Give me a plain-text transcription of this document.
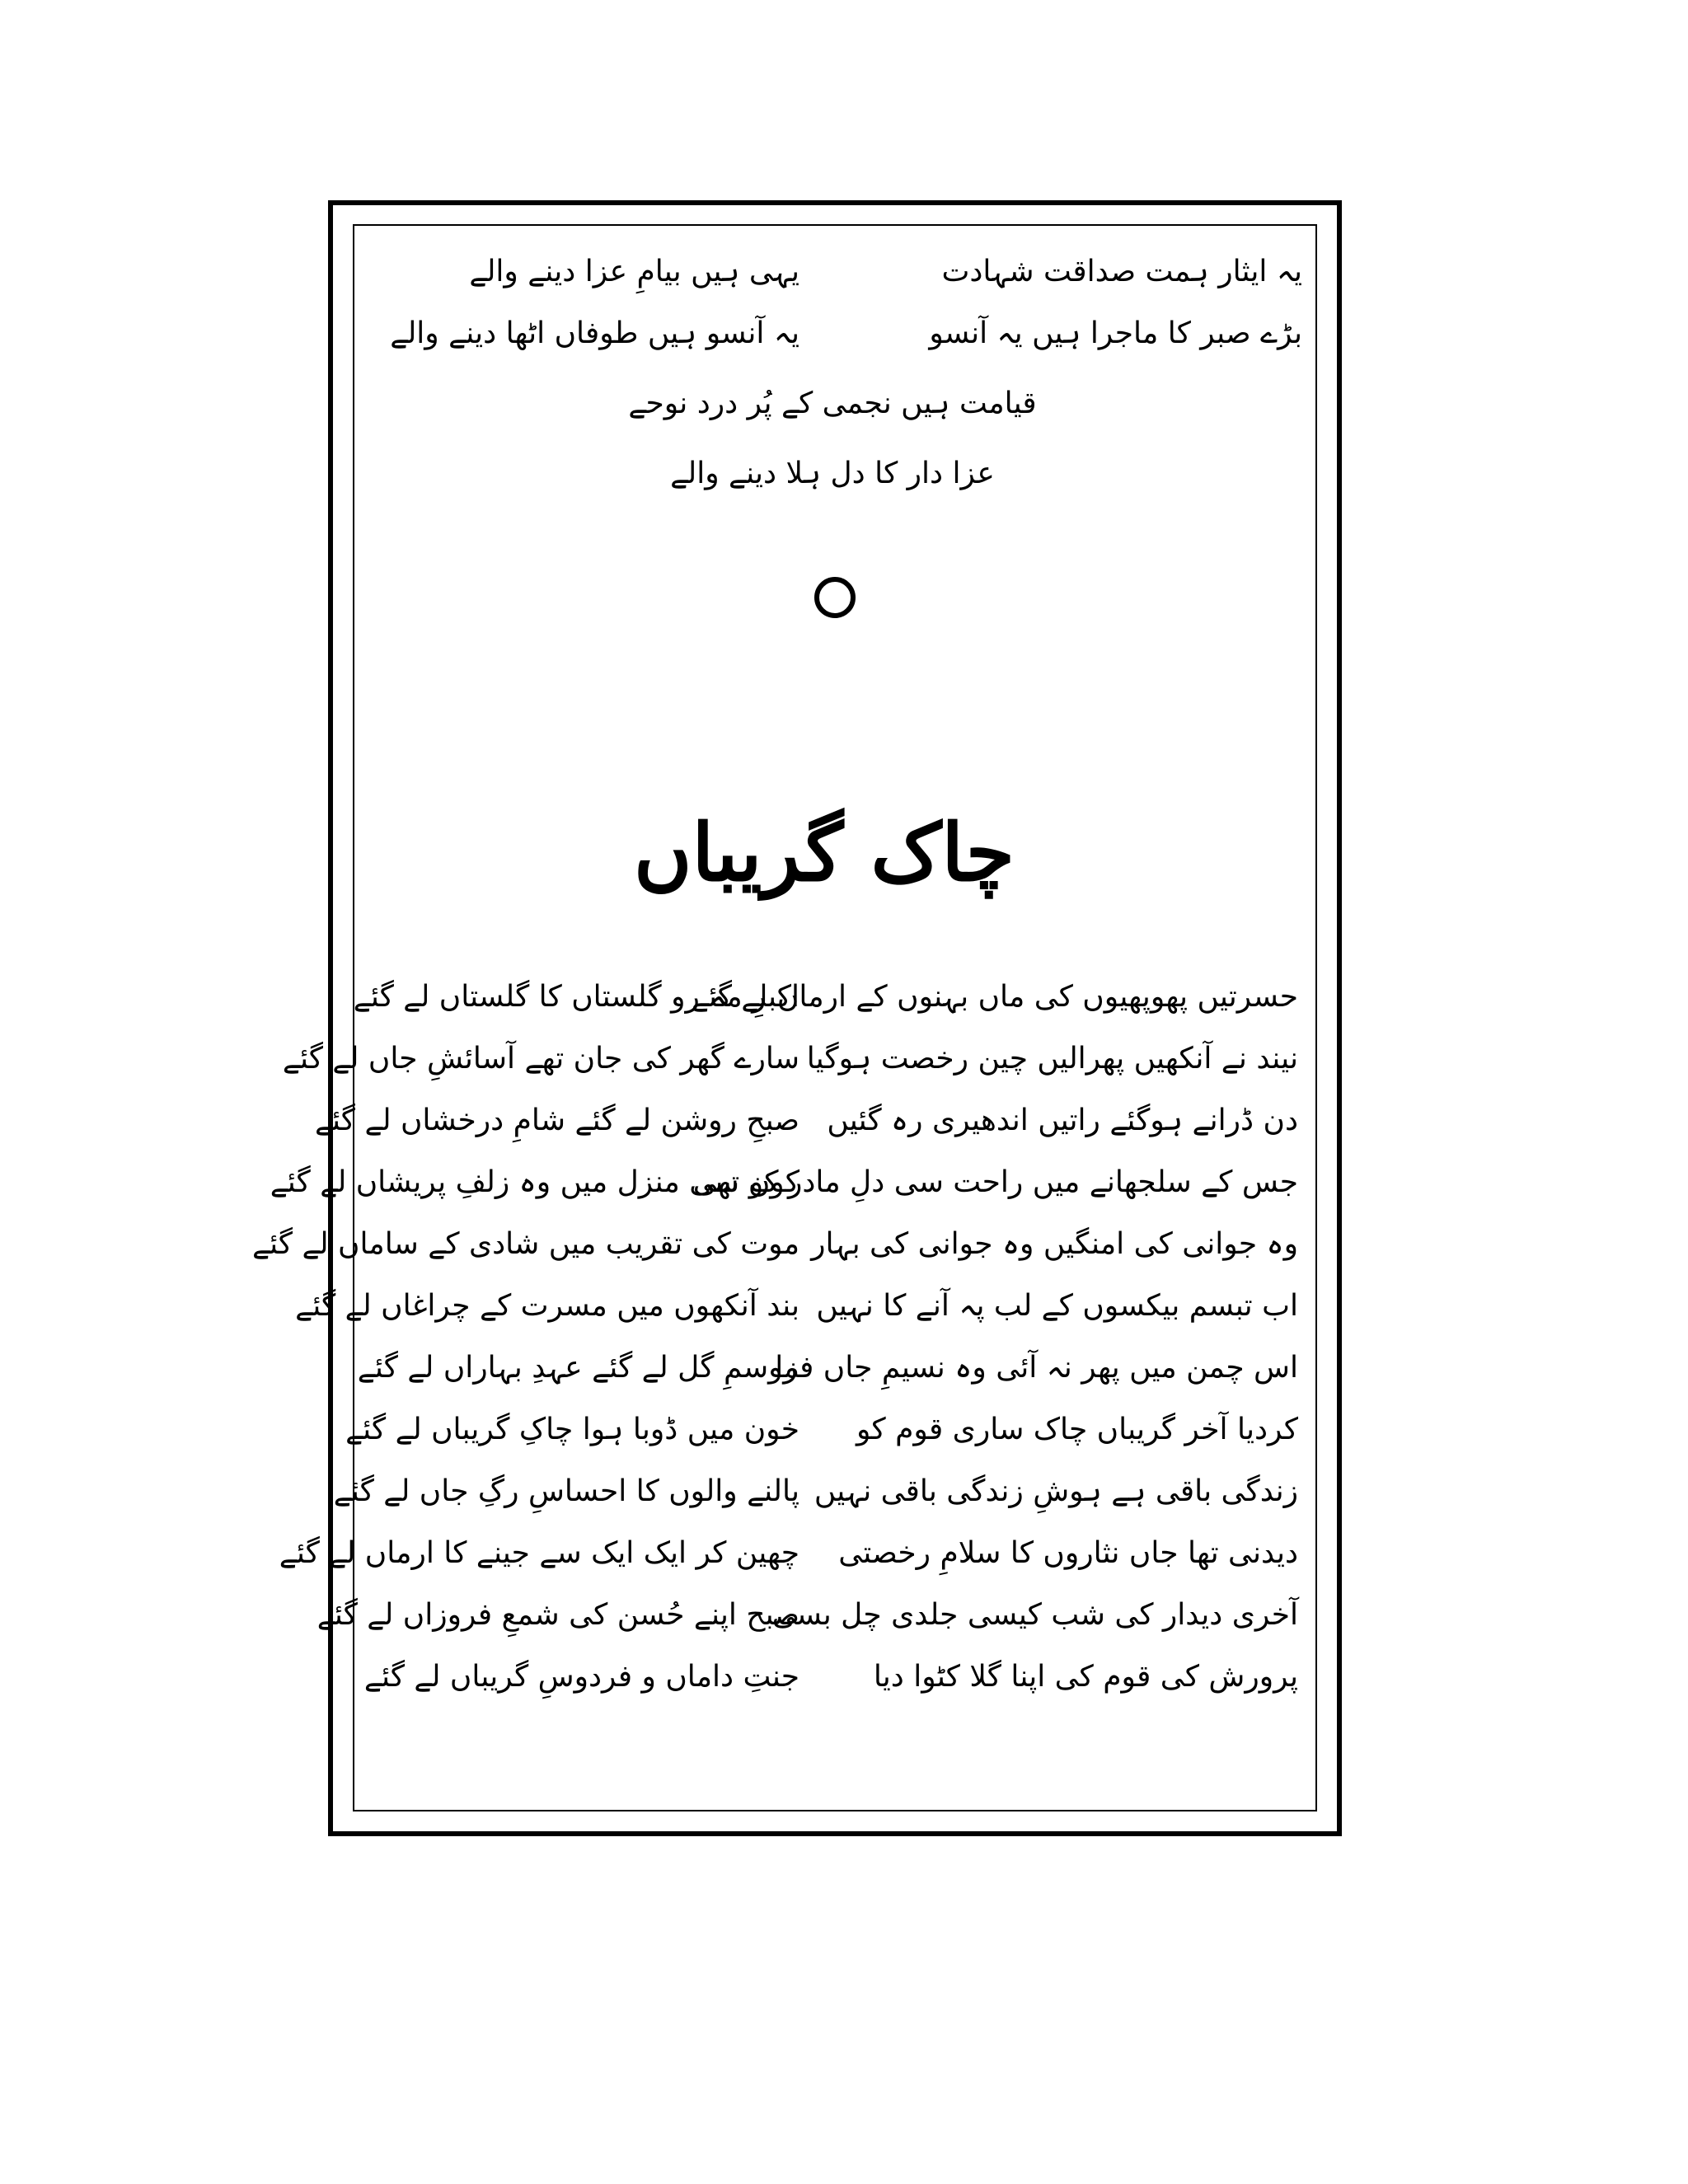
یہ ایثار ہمت صداقت شہادت
یہی ہیں بیامِ عزا دینے والے
بڑے صبر کا ماجرا ہیں یہ آنسو
یہ آنسو ہیں طوفاں اٹھا دینے والے
قیامت ہیں نجمی کے پُر درد نوحے
عزا دار کا دل ہلا دینے والے
چاک گریباں
حسرتیں پھوپھیوں کی ماں بہنوں کے ارماں لے گئے
نیند نے آنکھیں پھرالیں چین رخصت ہوگیا
دن ڈرانے ہوگئے راتیں اندھیری رہ گئیں
جس کے سلجھانے میں راحت سی دلِ مادر کو تھی
وہ جوانی کی امنگیں وہ جوانی کی بہار
اب تبسم بیکسوں کے لب پہ آنے کا نہیں
اس چمن میں پھر نہ آئی وہ نسیمِ جاں فزا
کردیا آخر گریباں چاک ساری قوم کو
زندگی باقی ہے ہوشِ زندگی باقی نہیں
دیدنی تھا جاں نثاروں کا سلامِ رخصتی
آخری دیدار کی شب کیسی جلدی چل بسی
پرورش کی قوم کی اپنا گلا کٹوا دیا
اکبرِ مہ رو گلستاں کا گلستاں لے گئے
سارے گھر کی جان تھے آسائشِ جاں لے گئے
صبحِ روشن لے گئے شامِ درخشاں لے گئے
کون سی منزل میں وہ زلفِ پریشاں لے گئے
موت کی تقریب میں شادی کے ساماں لے گئے
بند آنکھوں میں مسرت کے چراغاں لے گئے
موسمِ گل لے گئے عہدِ بہاراں لے گئے
خون میں ڈوبا ہوا چاکِ گریباں لے گئے
پالنے والوں کا احساسِ رگِ جاں لے گئے
چھین کر ایک ایک سے جینے کا ارماں لے گئے
صبح اپنے حُسن کی شمعِ فروزاں لے گئے
جنتِ داماں و فردوسِ گریباں لے گئے
